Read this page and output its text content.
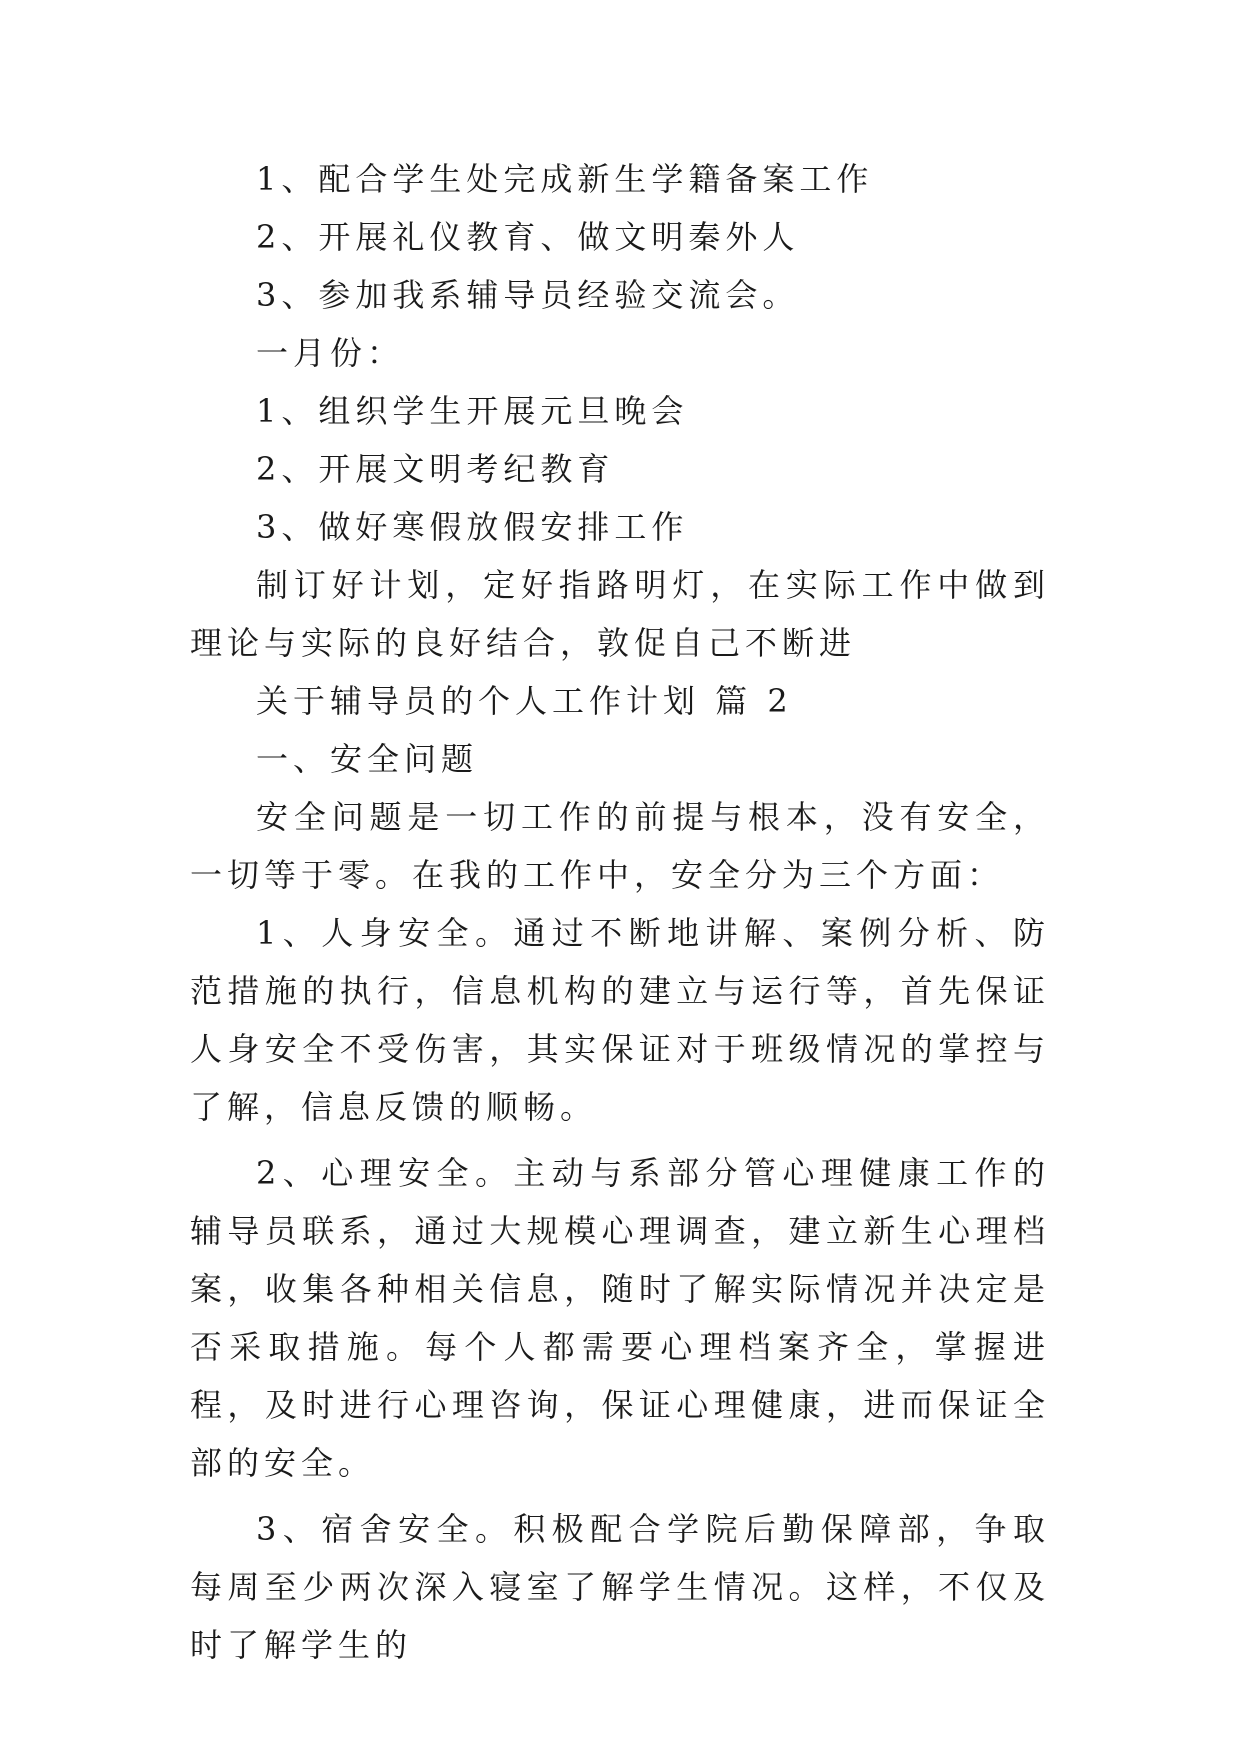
1、配合学生处完成新生学籍备案工作

2、开展礼仪教育、做文明秦外人

3、参加我系辅导员经验交流会。

一月份：

1、组织学生开展元旦晚会

2、开展文明考纪教育

3、做好寒假放假安排工作

制订好计划，定好指路明灯，在实际工作中做到理论与实际的良好结合，敦促自己不断进

关于辅导员的个人工作计划 篇 2

一、安全问题

安全问题是一切工作的前提与根本，没有安全，一切等于零。在我的工作中，安全分为三个方面：

1、人身安全。通过不断地讲解、案例分析、防范措施的执行，信息机构的建立与运行等，首先保证人身安全不受伤害，其实保证对于班级情况的掌控与了解，信息反馈的顺畅。

2、心理安全。主动与系部分管心理健康工作的辅导员联系，通过大规模心理调查，建立新生心理档案，收集各种相关信息，随时了解实际情况并决定是否采取措施。每个人都需要心理档案齐全，掌握进程，及时进行心理咨询，保证心理健康，进而保证全部的安全。

3、宿舍安全。积极配合学院后勤保障部，争取每周至少两次深入寝室了解学生情况。这样，不仅及时了解学生的
